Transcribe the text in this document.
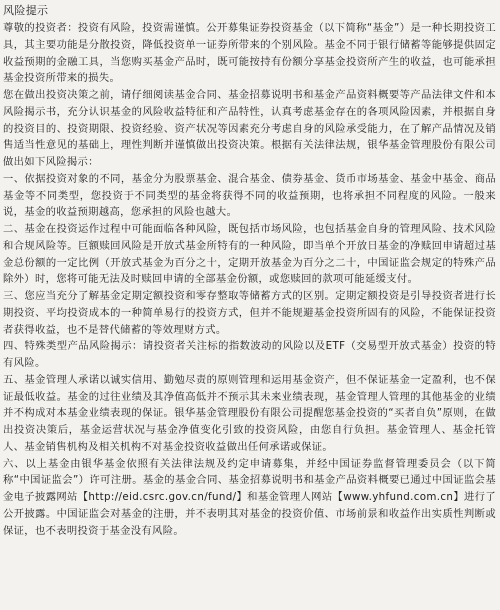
风险提示

尊敬的投资者：投资有风险，投资需谨慎。公开募集证券投资基金（以下简称“基金”）是一种长期投资工具，其主要功能是分散投资，降低投资单一证券所带来的个别风险。基金不同于银行储蓄等能够提供固定收益预期的金融工具，当您购买基金产品时，既可能按持有份额分享基金投资所产生的收益，也可能承担基金投资所带来的损失。

您在做出投资决策之前，请仔细阅读基金合同、基金招募说明书和基金产品资料概要等产品法律文件和本风险揭示书，充分认识基金的风险收益特征和产品特性，认真考虑基金存在的各项风险因素，并根据自身的投资目的、投资期限、投资经验、资产状况等因素充分考虑自身的风险承受能力，在了解产品情况及销售适当性意见的基础上，理性判断并谨慎做出投资决策。根据有关法律法规，银华基金管理股份有限公司做出如下风险揭示：

一、依据投资对象的不同，基金分为股票基金、混合基金、债券基金、货币市场基金、基金中基金、商品基金等不同类型，您投资于不同类型的基金将获得不同的收益预期，也将承担不同程度的风险。一般来说，基金的收益预期越高，您承担的风险也越大。

二、基金在投资运作过程中可能面临各种风险，既包括市场风险，也包括基金自身的管理风险、技术风险和合规风险等。巨额赎回风险是开放式基金所特有的一种风险，即当单个开放日基金的净赎回申请超过基金总份额的一定比例（开放式基金为百分之十，定期开放基金为百分之二十，中国证监会规定的特殊产品除外）时，您将可能无法及时赎回申请的全部基金份额，或您赎回的款项可能延缓支付。

三、您应当充分了解基金定期定额投资和零存整取等储蓄方式的区别。定期定额投资是引导投资者进行长期投资、平均投资成本的一种简单易行的投资方式，但并不能规避基金投资所固有的风险，不能保证投资者获得收益，也不是替代储蓄的等效理财方式。

四、特殊类型产品风险揭示：请投资者关注标的指数波动的风险以及ETF（交易型开放式基金）投资的特有风险。

五、基金管理人承诺以诚实信用、勤勉尽责的原则管理和运用基金资产，但不保证基金一定盈利，也不保证最低收益。基金的过往业绩及其净值高低并不预示其未来业绩表现，基金管理人管理的其他基金的业绩并不构成对本基金业绩表现的保证。银华基金管理股份有限公司提醒您基金投资的“买者自负”原则，在做出投资决策后，基金运营状况与基金净值变化引致的投资风险，由您自行负担。基金管理人、基金托管人、基金销售机构及相关机构不对基金投资收益做出任何承诺或保证。

六、以上基金由银华基金依照有关法律法规及约定申请募集，并经中国证券监督管理委员会（以下简称“中国证监会”）许可注册。基金的基金合同、基金招募说明书和基金产品资料概要已通过中国证监会基金电子披露网站【http://eid.csrc.gov.cn/fund/】和基金管理人网站【www.yhfund.com.cn】进行了公开披露。中国证监会对基金的注册，并不表明其对基金的投资价值、市场前景和收益作出实质性判断或保证，也不表明投资于基金没有风险。
